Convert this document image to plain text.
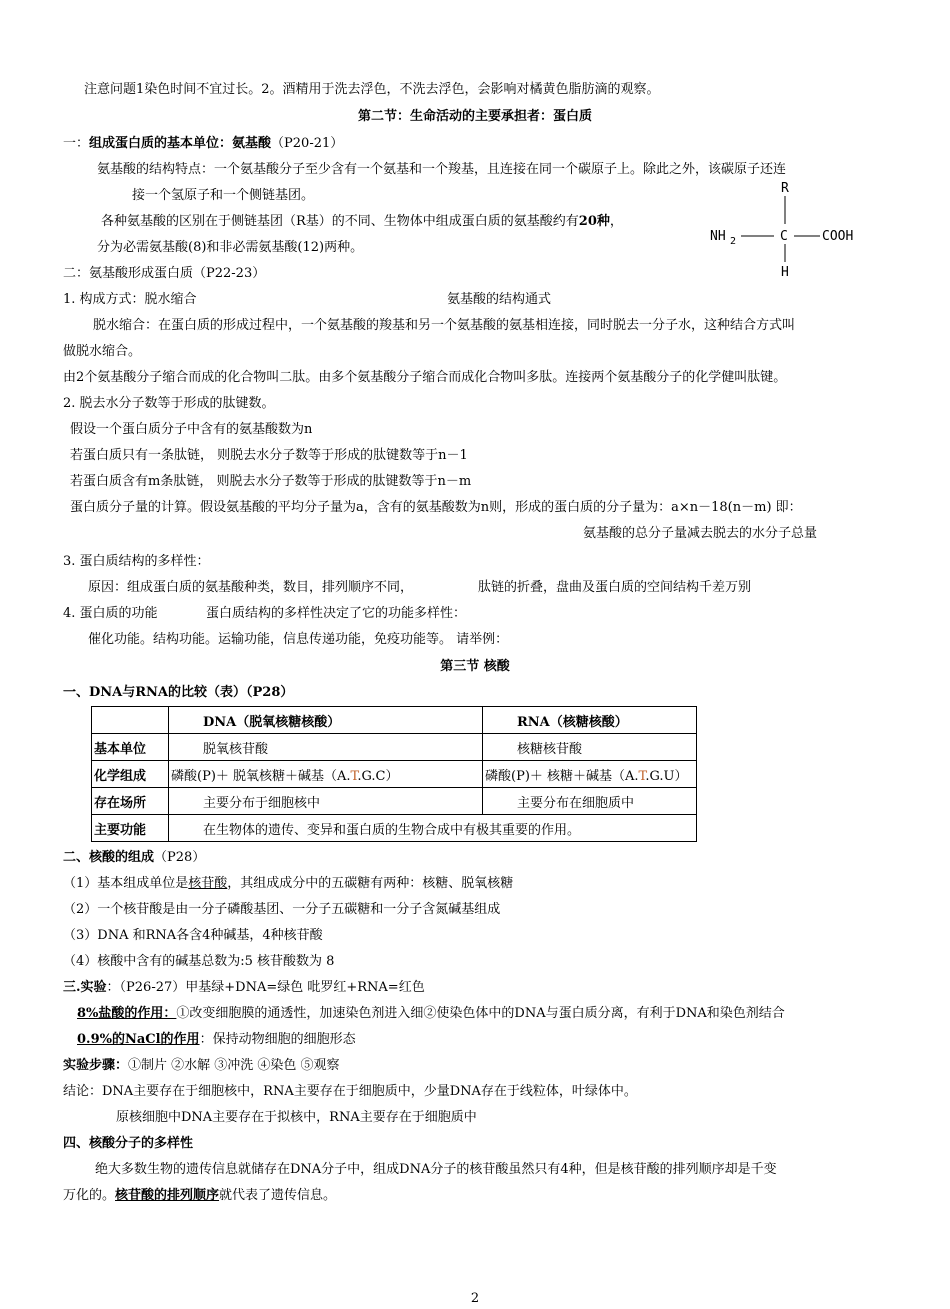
注意问题1染色时间不宜过长。2。酒精用于洗去浮色，不洗去浮色，会影响对橘黄色脂肪滴的观察。
第二节：生命活动的主要承担者：蛋白质
一：组成蛋白质的基本单位：氨基酸（P20-21）
氨基酸的结构特点：一个氨基酸分子至少含有一个氨基和一个羧基，且连接在同一个碳原子上。除此之外，该碳原子还连
接一个氢原子和一个侧链基团。
各种氨基酸的区别在于侧链基团（R基）的不同、生物体中组成蛋白质的氨基酸约有20种，
分为必需氨基酸(8)和非必需氨基酸(12)两种。
R
NH 2	C	COOH
H
二：氨基酸形成蛋白质（P22-23）
1. 构成方式：脱水缩合	氨基酸的结构通式
脱水缩合：在蛋白质的形成过程中，一个氨基酸的羧基和另一个氨基酸的氨基相连接，同时脱去一分子水，这种结合方式叫
做脱水缩合。
由2个氨基酸分子缩合而成的化合物叫二肽。由多个氨基酸分子缩合而成化合物叫多肽。连接两个氨基酸分子的化学健叫肽键。
2. 脱去水分子数等于形成的肽键数。
假设一个蛋白质分子中含有的氨基酸数为n
若蛋白质只有一条肽链， 则脱去水分子数等于形成的肽键数等于n－1
若蛋白质含有m条肽链， 则脱去水分子数等于形成的肽键数等于n－m
蛋白质分子量的计算。假设氨基酸的平均分子量为a，含有的氨基酸数为n则，形成的蛋白质的分子量为：a×n－18(n－m) 即：
氨基酸的总分子量减去脱去的水分子总量
3. 蛋白质结构的多样性：
原因：组成蛋白质的氨基酸种类，数目，排列顺序不同，	肽链的折叠，盘曲及蛋白质的空间结构千差万别
4. 蛋白质的功能	蛋白质结构的多样性决定了它的功能多样性：
催化功能。结构功能。运输功能，信息传递功能，免疫功能等。 请举例：
第三节 核酸
一、DNA与RNA的比较（表）（P28）
	DNA（脱氧核糖核酸）	RNA（核糖核酸）
基本单位	脱氧核苷酸	核糖核苷酸
化学组成	磷酸(P)＋ 脱氧核糖＋碱基（A.T.G.C）	磷酸(P)＋ 核糖＋碱基（A.T.G.U）
存在场所	主要分布于细胞核中	主要分布在细胞质中
主要功能	在生物体的遗传、变异和蛋白质的生物合成中有极其重要的作用。	
二、核酸的组成（P28）
（1）基本组成单位是核苷酸，其组成成分中的五碳糖有两种：核糖、脱氧核糖
（2）一个核苷酸是由一分子磷酸基团、一分子五碳糖和一分子含氮碱基组成
（3）DNA 和RNA各含4种碱基，4种核苷酸
（4）核酸中含有的碱基总数为:5 核苷酸数为 8
三.实验：（P26-27）甲基绿+DNA=绿色 吡罗红+RNA=红色
8%盐酸的作用：①改变细胞膜的通透性，加速染色剂进入细②使染色体中的DNA与蛋白质分离，有利于DNA和染色剂结合
0.9%的NaCl的作用：保持动物细胞的细胞形态
实验步骤：①制片 ②水解 ③冲洗 ④染色 ⑤观察
结论：DNA主要存在于细胞核中，RNA主要存在于细胞质中，少量DNA存在于线粒体，叶绿体中。
原核细胞中DNA主要存在于拟核中，RNA主要存在于细胞质中
四、核酸分子的多样性
绝大多数生物的遗传信息就储存在DNA分子中，组成DNA分子的核苷酸虽然只有4种，但是核苷酸的排列顺序却是千变
万化的。核苷酸的排列顺序就代表了遗传信息。
2
